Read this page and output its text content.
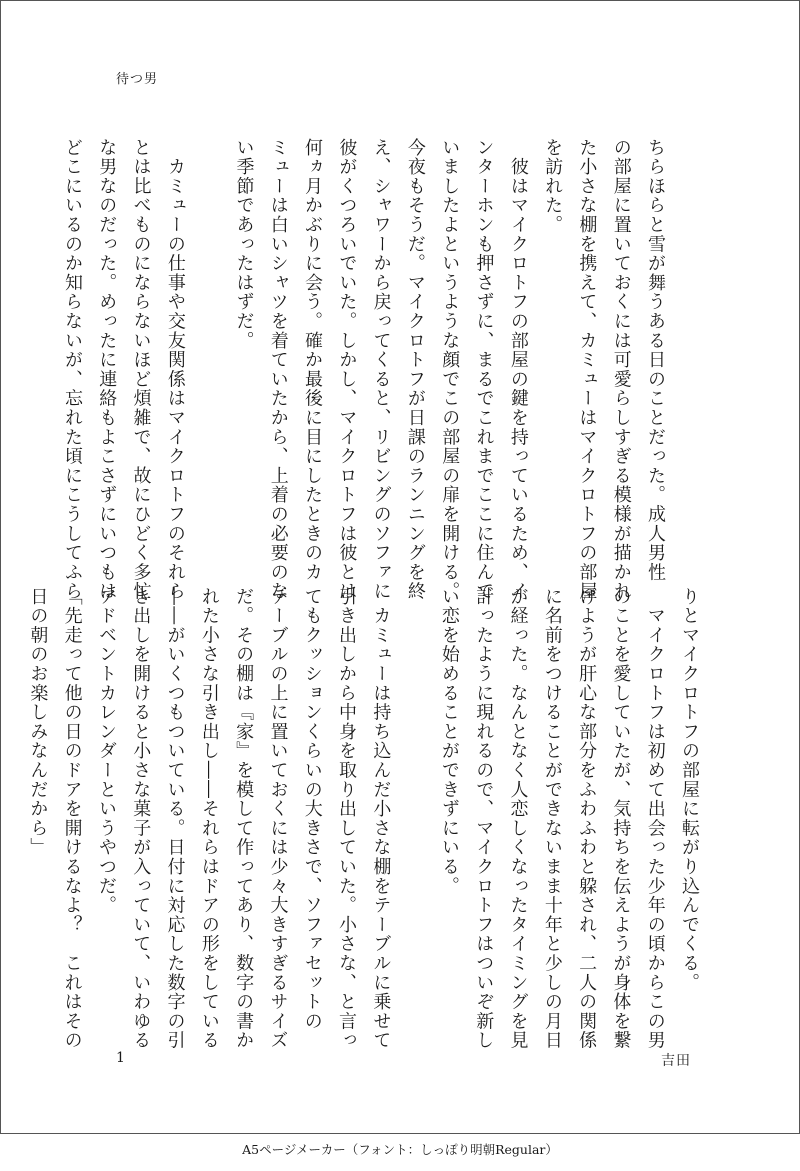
待つ男
ちらほらと雪が舞うある日のことだった。成人男性
の部屋に置いておくには可愛らしすぎる模様が描かれ
た小さな棚を携えて、カミューはマイクロトフの部屋
を訪れた。
　彼はマイクロトフの部屋の鍵を持っているため、イ
ンターホンも押さずに、まるでこれまでここに住んで
いましたよというような顔でこの部屋の扉を開ける。
今夜もそうだ。マイクロトフが日課のランニングを終
え、シャワーから戻ってくると、リビングのソファに
彼がくつろいでいた。しかし、マイクロトフは彼とは
何ヵ月かぶりに会う。確か最後に目にしたときのカ
ミューは白いシャツを着ていたから、上着の必要のな
い季節であったはずだ。

　カミューの仕事や交友関係はマイクロトフのそれら
とは比べものにならないほど煩雑で、故にひどく多忙
な男なのだった。めったに連絡もよこさずにいつもは
どこにいるのか知らないが、忘れた頃にこうしてふら

りとマイクロトフの部屋に転がり込んでくる。
　マイクロトフは初めて出会った少年の頃からこの男
のことを愛していたが、気持ちを伝えようが身体を繋
げようが肝心な部分をふわふわと躱され、二人の関係
に名前をつけることができないまま十年と少しの月日
が経った。なんとなく人恋しくなったタイミングを見
計ったように現れるので、マイクロトフはついぞ新し
い恋を始めることができずにいる。

　カミューは持ち込んだ小さな棚をテーブルに乗せて
引き出しから中身を取り出していた。小さな、と言っ
てもクッションくらいの大きさで、ソファセットの
テーブルの上に置いておくには少々大きすぎるサイズ
だ。その棚は『家』を模して作ってあり、数字の書か
れた小さな引き出し――それらはドアの形をしている
――がいくつもついている。日付に対応した数字の引
き出しを開けると小さな菓子が入っていて、いわゆる
アドベントカレンダーというやつだ。
「先走って他の日のドアを開けるなよ？　これはその
日の朝のお楽しみなんだから」

1	吉田
A5ページメーカー（フォント：しっぽり明朝Regular）
